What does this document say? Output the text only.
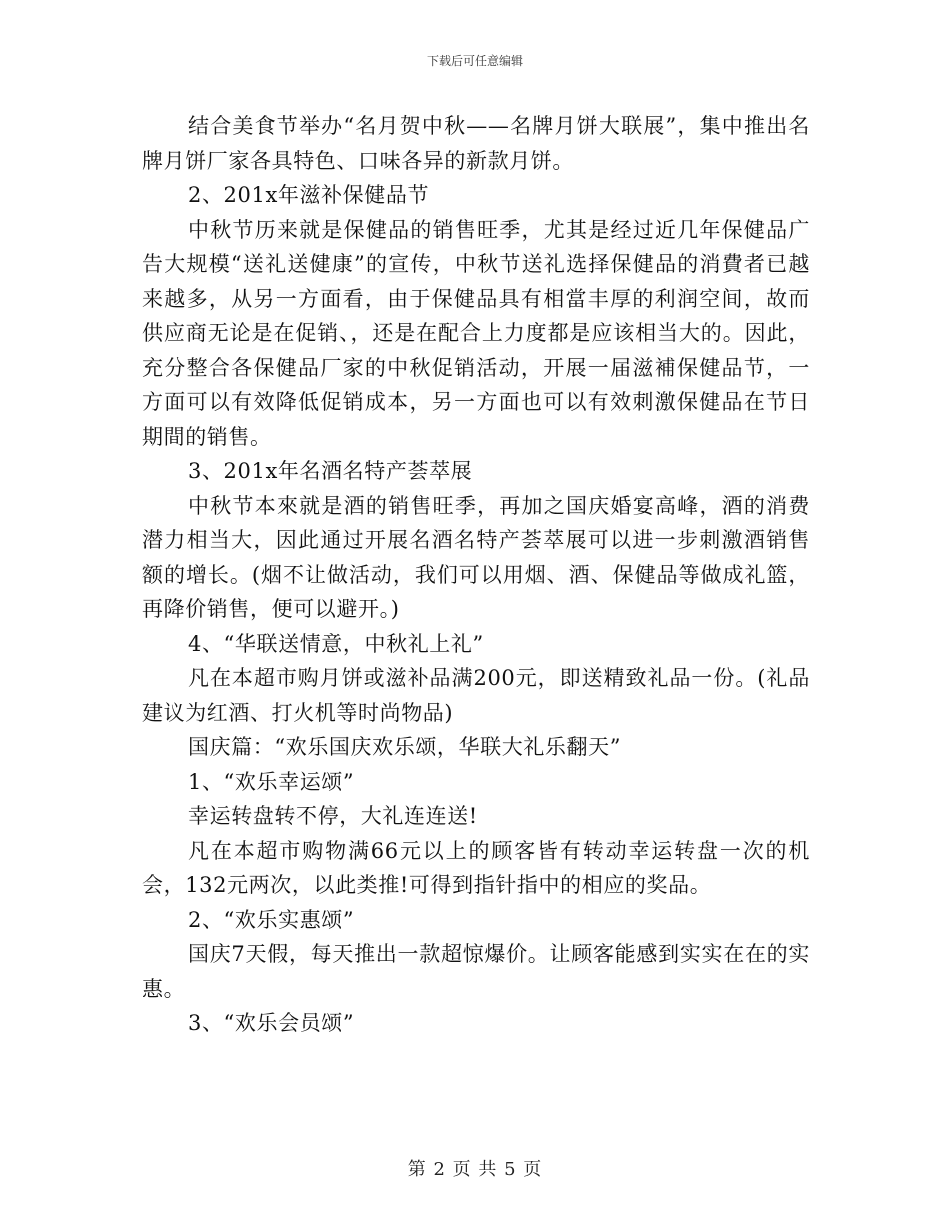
下载后可任意编辑

结合美食节举办“名月贺中秋——名牌月饼大联展”，集中推出名牌月饼厂家各具特色、口味各异的新款月饼。

2、201x年滋补保健品节

中秋节历来就是保健品的销售旺季，尤其是经过近几年保健品广告大规模“送礼送健康”的宣传，中秋节送礼选择保健品的消費者已越来越多，从另一方面看，由于保健品具有相當丰厚的利润空间，故而供应商无论是在促销、，还是在配合上力度都是应该相当大的。因此，充分整合各保健品厂家的中秋促销活动，开展一届滋補保健品节，一方面可以有效降低促销成本，另一方面也可以有效刺激保健品在节日期間的销售。

3、201x年名酒名特产荟萃展

中秋节本來就是酒的销售旺季，再加之国庆婚宴高峰，酒的消费潜力相当大，因此通过开展名酒名特产荟萃展可以进一步刺激酒销售额的增长。(烟不让做活动，我们可以用烟、酒、保健品等做成礼篮，再降价销售，便可以避开。)

4、“华联送情意，中秋礼上礼”

凡在本超市购月饼或滋补品满200元，即送精致礼品一份。(礼品建议为红酒、打火机等时尚物品)

国庆篇：“欢乐国庆欢乐颂，华联大礼乐翻天”

1、“欢乐幸运颂”

幸运转盘转不停，大礼连连送!

凡在本超市购物满66元以上的顾客皆有转动幸运转盘一次的机会，132元两次，以此类推!可得到指针指中的相应的奖品。

2、“欢乐实惠颂”

国庆7天假，每天推出一款超惊爆价。让顾客能感到实实在在的实惠。

3、“欢乐会员颂”

第 2 页 共 5 页
